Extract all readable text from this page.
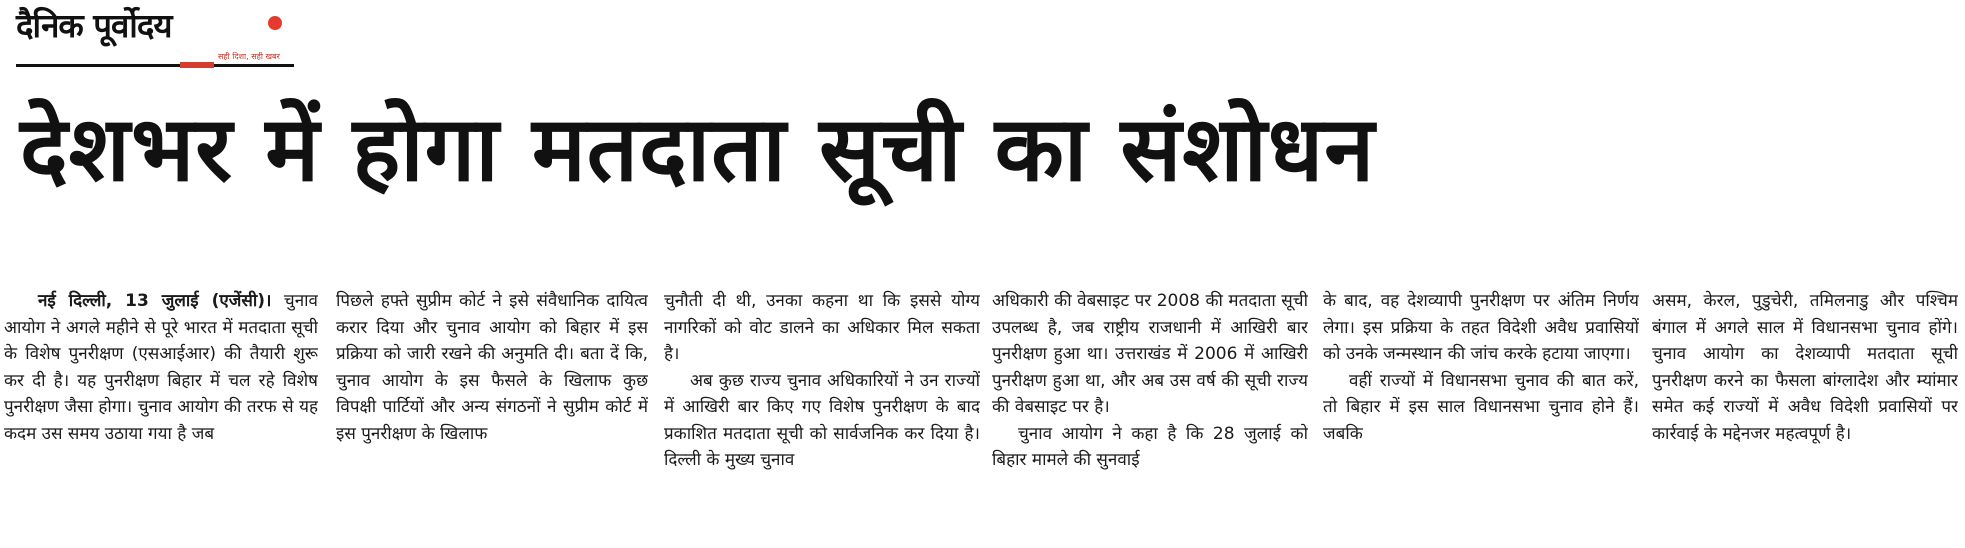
दैनिक पूर्वोदय
सही दिशा, सही खबर
देशभर में होगा मतदाता सूची का संशोधन

नई दिल्ली, 13 जुलाई (एजेंसी)। चुनाव आयोग ने अगले महीने से पूरे भारत में मतदाता सूची के विशेष पुनरीक्षण (एसआईआर) की तैयारी शुरू कर दी है। यह पुनरीक्षण बिहार में चल रहे विशेष पुनरीक्षण जैसा होगा। चुनाव आयोग की तरफ से यह कदम उस समय उठाया गया है जब

पिछले हफ्ते सुप्रीम कोर्ट ने इसे संवैधानिक दायित्व करार दिया और चुनाव आयोग को बिहार में इस प्रक्रिया को जारी रखने की अनुमति दी। बता दें कि, चुनाव आयोग के इस फैसले के खिलाफ कुछ विपक्षी पार्टियों और अन्य संगठनों ने सुप्रीम कोर्ट में इस पुनरीक्षण के खिलाफ

चुनौती दी थी, उनका कहना था कि इससे योग्य नागरिकों को वोट डालने का अधिकार मिल सकता है।

अब कुछ राज्य चुनाव अधिकारियों ने उन राज्यों में आखिरी बार किए गए विशेष पुनरीक्षण के बाद प्रकाशित मतदाता सूची को सार्वजनिक कर दिया है। दिल्ली के मुख्य चुनाव

अधिकारी की वेबसाइट पर 2008 की मतदाता सूची उपलब्ध है, जब राष्ट्रीय राजधानी में आखिरी बार पुनरीक्षण हुआ था। उत्तराखंड में 2006 में आखिरी पुनरीक्षण हुआ था, और अब उस वर्ष की सूची राज्य की वेबसाइट पर है।

चुनाव आयोग ने कहा है कि 28 जुलाई को बिहार मामले की सुनवाई

के बाद, वह देशव्यापी पुनरीक्षण पर अंतिम निर्णय लेगा। इस प्रक्रिया के तहत विदेशी अवैध प्रवासियों को उनके जन्मस्थान की जांच करके हटाया जाएगा।

वहीं राज्यों में विधानसभा चुनाव की बात करें, तो बिहार में इस साल विधानसभा चुनाव होने हैं। जबकि

असम, केरल, पुडुचेरी, तमिलनाडु और पश्चिम बंगाल में अगले साल में विधानसभा चुनाव होंगे। चुनाव आयोग का देशव्यापी मतदाता सूची पुनरीक्षण करने का फैसला बांग्लादेश और म्यांमार समेत कई राज्यों में अवैध विदेशी प्रवासियों पर कार्रवाई के मद्देनजर महत्वपूर्ण है।
